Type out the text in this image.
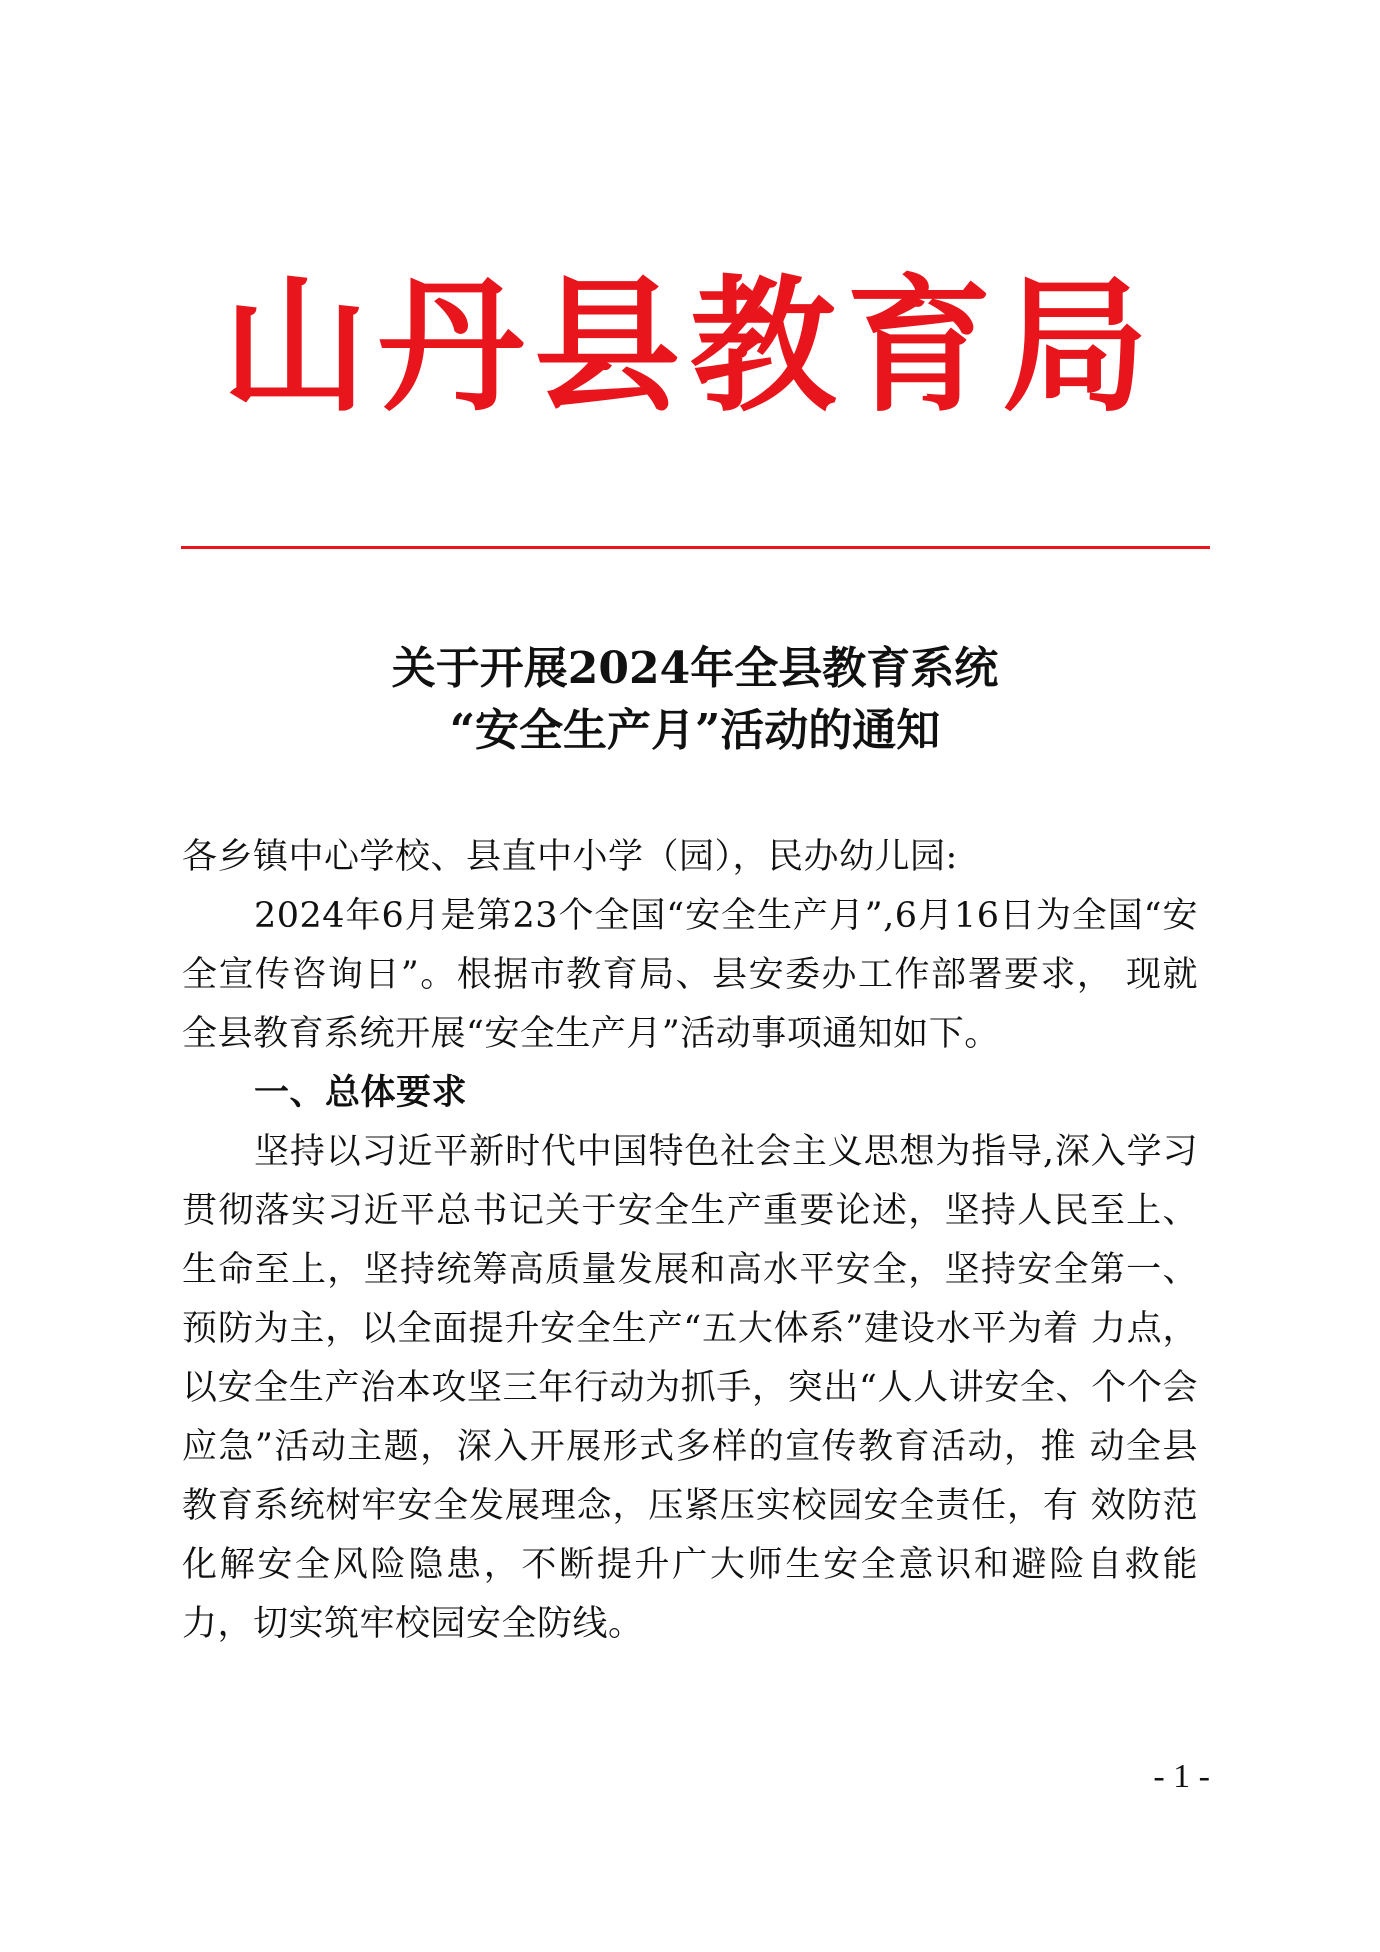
山丹县教育局
关于开展2024年全县教育系统
“安全生产月”活动的通知

各乡镇中心学校、县直中小学（园），民办幼儿园:

2024年6月是第23个全国“安全生产月”,6月16日为全国“安全宣传咨询日”。根据市教育局、县安委办工作部署要求， 现就全县教育系统开展“安全生产月”活动事项通知如下。

一、总体要求

坚持以习近平新时代中国特色社会主义思想为指导,深入学习贯彻落实习近平总书记关于安全生产重要论述，坚持人民至上、生命至上，坚持统筹高质量发展和高水平安全，坚持安全第一、预防为主，以全面提升安全生产“五大体系”建设水平为着 力点，以安全生产治本攻坚三年行动为抓手，突出“人人讲安全、个个会应急”活动主题，深入开展形式多样的宣传教育活动，推 动全县教育系统树牢安全发展理念，压紧压实校园安全责任，有 效防范化解安全风险隐患，不断提升广大师生安全意识和避险自救能力，切实筑牢校园安全防线。

- 1 -
